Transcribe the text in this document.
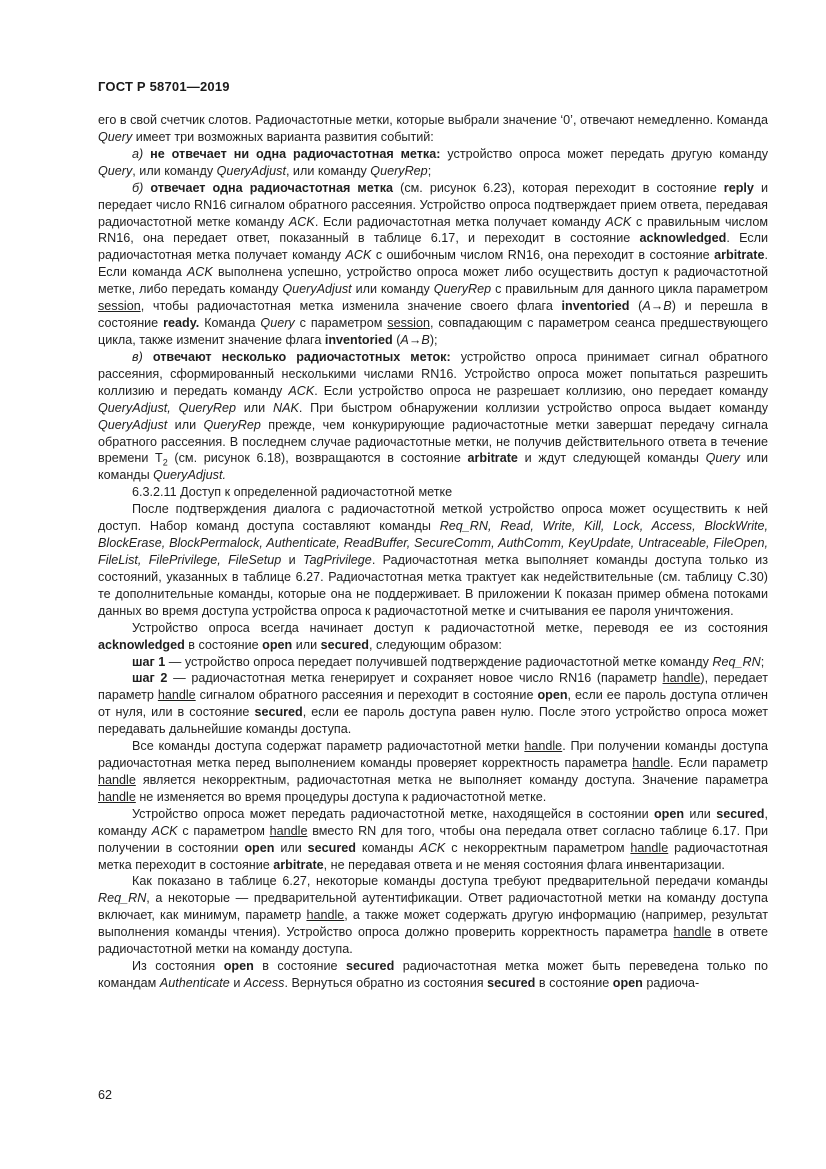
ГОСТ Р 58701—2019

его в свой счетчик слотов. Радиочастотные метки, которые выбрали значение ‘0’, отвечают немедленно. Команда Query имеет три возможных варианта развития событий:

а) не отвечает ни одна радиочастотная метка: устройство опроса может передать другую команду Query, или команду QueryAdjust, или команду QueryRep;

б) отвечает одна радиочастотная метка (см. рисунок 6.23), которая переходит в состояние reply и передает число RN16 сигналом обратного рассеяния. Устройство опроса подтверждает прием ответа, передавая радиочастотной метке команду ACK. Если радиочастотная метка получает команду ACK с правильным числом RN16, она передает ответ, показанный в таблице 6.17, и переходит в состояние acknowledged. Если радиочастотная метка получает команду ACK с ошибочным числом RN16, она переходит в состояние arbitrate. Если команда ACK выполнена успешно, устройство опроса может либо осуществить доступ к радиочастотной метке, либо передать команду QueryAdjust или команду QueryRep с правильным для данного цикла параметром session, чтобы радиочастотная метка изменила значение своего флага inventoried (A→B) и перешла в состояние ready. Команда Query с параметром session, совпадающим с параметром сеанса предшествующего цикла, также изменит значение флага inventoried (A→B);

в) отвечают несколько радиочастотных меток: устройство опроса принимает сигнал обратного рассеяния, сформированный несколькими числами RN16. Устройство опроса может попытаться разрешить коллизию и передать команду ACK. Если устройство опроса не разрешает коллизию, оно передает команду QueryAdjust, QueryRep или NAK. При быстром обнаружении коллизии устройство опроса выдает команду QueryAdjust или QueryRep прежде, чем конкурирующие радиочастотные метки завершат передачу сигнала обратного рассеяния. В последнем случае радиочастотные метки, не получив действительного ответа в течение времени $T_2$ (см. рисунок 6.18), возвращаются в состояние arbitrate и ждут следующей команды Query или команды QueryAdjust.

6.3.2.11 Доступ к определенной радиочастотной метке

После подтверждения диалога с радиочастотной меткой устройство опроса может осуществить к ней доступ. Набор команд доступа составляют команды Req_RN, Read, Write, Kill, Lock, Access, BlockWrite, BlockErase, BlockPermalock, Authenticate, ReadBuffer, SecureComm, AuthComm, KeyUpdate, Untraceable, FileOpen, FileList, FilePrivilege, FileSetup и TagPrivilege. Радиочастотная метка выполняет команды доступа только из состояний, указанных в таблице 6.27. Радиочастотная метка трактует как недействительные (см. таблицу С.30) те дополнительные команды, которые она не поддерживает. В приложении К показан пример обмена потоками данных во время доступа устройства опроса к радиочастотной метке и считывания ее пароля уничтожения.

Устройство опроса всегда начинает доступ к радиочастотной метке, переводя ее из состояния acknowledged в состояние open или secured, следующим образом:

шаг 1 — устройство опроса передает получившей подтверждение радиочастотной метке команду Req_RN;

шаг 2 — радиочастотная метка генерирует и сохраняет новое число RN16 (параметр handle), передает параметр handle сигналом обратного рассеяния и переходит в состояние open, если ее пароль доступа отличен от нуля, или в состояние secured, если ее пароль доступа равен нулю. После этого устройство опроса может передавать дальнейшие команды доступа.

Все команды доступа содержат параметр радиочастотной метки handle. При получении команды доступа радиочастотная метка перед выполнением команды проверяет корректность параметра handle. Если параметр handle является некорректным, радиочастотная метка не выполняет команду доступа. Значение параметра handle не изменяется во время процедуры доступа к радиочастотной метке.

Устройство опроса может передать радиочастотной метке, находящейся в состоянии open или secured, команду ACK с параметром handle вместо RN для того, чтобы она передала ответ согласно таблице 6.17. При получении в состоянии open или secured команды ACK с некорректным параметром handle радиочастотная метка переходит в состояние arbitrate, не передавая ответа и не меняя состояния флага инвентаризации.

Как показано в таблице 6.27, некоторые команды доступа требуют предварительной передачи команды Req_RN, а некоторые — предварительной аутентификации. Ответ радиочастотной метки на команду доступа включает, как минимум, параметр handle, а также может содержать другую информацию (например, результат выполнения команды чтения). Устройство опроса должно проверить корректность параметра handle в ответе радиочастотной метки на команду доступа.

Из состояния open в состояние secured радиочастотная метка может быть переведена только по командам Authenticate и Access. Вернуться обратно из состояния secured в состояние open радиоча-

62
